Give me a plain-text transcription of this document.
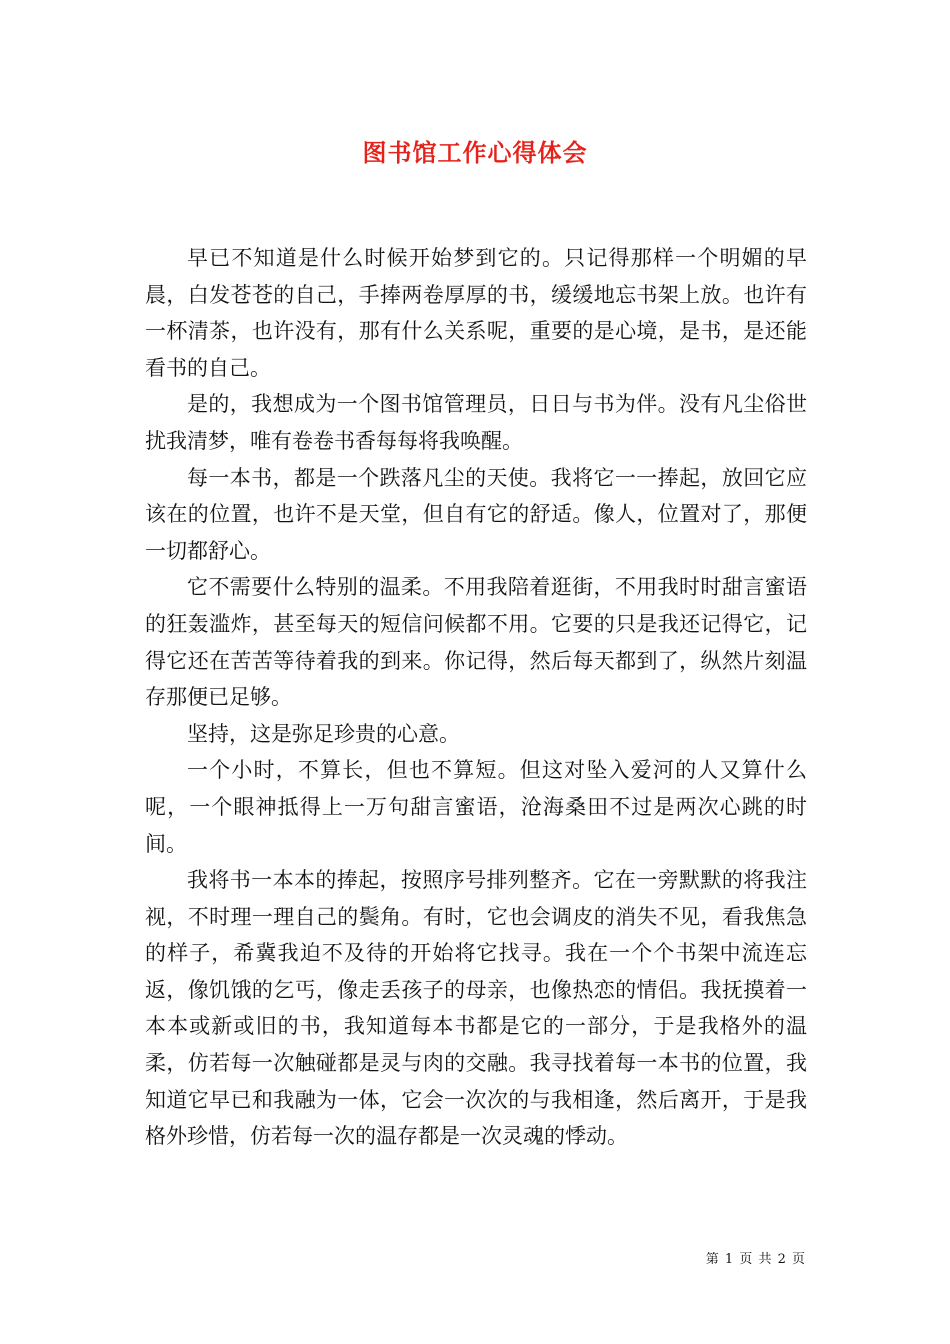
图书馆工作心得体会

早已不知道是什么时候开始梦到它的。只记得那样一个明媚的早晨，白发苍苍的自己，手捧两卷厚厚的书，缓缓地忘书架上放。也许有一杯清茶，也许没有，那有什么关系呢，重要的是心境，是书，是还能看书的自己。

是的，我想成为一个图书馆管理员，日日与书为伴。没有凡尘俗世扰我清梦，唯有卷卷书香每每将我唤醒。

每一本书，都是一个跌落凡尘的天使。我将它一一捧起，放回它应该在的位置，也许不是天堂，但自有它的舒适。像人，位置对了，那便一切都舒心。

它不需要什么特别的温柔。不用我陪着逛街，不用我时时甜言蜜语的狂轰滥炸，甚至每天的短信问候都不用。它要的只是我还记得它，记得它还在苦苦等待着我的到来。你记得，然后每天都到了，纵然片刻温存那便已足够。

坚持，这是弥足珍贵的心意。

一个小时，不算长，但也不算短。但这对坠入爱河的人又算什么呢，一个眼神抵得上一万句甜言蜜语，沧海桑田不过是两次心跳的时间。

我将书一本本的捧起，按照序号排列整齐。它在一旁默默的将我注视，不时理一理自己的鬓角。有时，它也会调皮的消失不见，看我焦急的样子，希冀我迫不及待的开始将它找寻。我在一个个书架中流连忘返，像饥饿的乞丐，像走丢孩子的母亲，也像热恋的情侣。我抚摸着一本本或新或旧的书，我知道每本书都是它的一部分，于是我格外的温柔，仿若每一次触碰都是灵与肉的交融。我寻找着每一本书的位置，我知道它早已和我融为一体，它会一次次的与我相逢，然后离开，于是我格外珍惜，仿若每一次的温存都是一次灵魂的悸动。

第 1 页 共 2 页
